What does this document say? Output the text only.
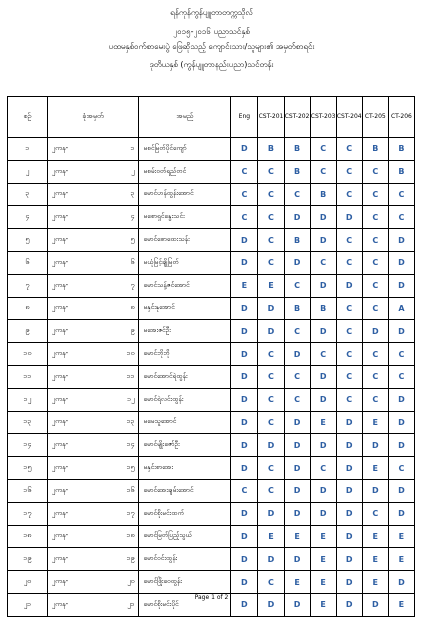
ရန်ကုန်ကွန်ပျူတာတက္ကသိုလ်
၂၀၁၅-၂၀၁၆ ပညာသင်နှစ်
ပထမနှစ်ဝက်စာမေးပွဲ ဖြေဆိုသည့် ကျောင်းသား/သူများ၏ အမှတ်စာရင်း
ဒုတိယနှစ် (ကွန်ပျူတာနည်းပညာ)သင်တန်း
စဉ်	ခုံအမှတ်	အမည်	Eng	CST-201	CST-202	CST-203	CST-204	CT-205	CT-206
၁	၂ကန- ၁	မစင်မြတ်ပိုင်ကျော်	D	B	B	C	C	B	B
၂	၂ကန- ၂	မစမ်းဝတ်ရည်တင်	C	C	B	C	C	C	B
၃	၂ကန- ၃	မောင်ဟန်ထွန်းအောင်	C	C	C	B	C	C	C
၄	၂ကန- ၄	မစောရှင်နွေးသင်း	C	C	D	D	D	C	C
၅	၂ကန- ၅	မောင်စောထေးသန်း	D	C	B	D	C	C	D
၆	၂ကန- ၆	မယုံမြင့်ချိုမြတ်	D	C	D	C	C	C	D
၇	၂ကန- ၇	မောင်သန့်ဇင်အောင်	E	E	C	D	D	C	D
၈	၂ကန- ၈	မနှင်းနုအောင်	D	D	B	B	C	C	A
၉	၂ကန- ၉	မအေးဇင်ဦး	D	D	C	D	C	D	D
၁၀	၂ကန- ၁၀	မောင်ဘိုဘို	D	C	D	C	C	C	C
၁၁	၂ကန- ၁၁	မောင်အောင်ရဲထွန်း	D	C	C	D	C	C	C
၁၂	၂ကန- ၁၂	မောင်ရဲလင်းထွန်း	D	C	C	D	C	C	D
၁၃	၂ကန- ၁၃	မမေသူအောင်	D	C	D	E	D	E	D
၁၄	၂ကန- ၁၄	မောင်မျိုးဇော်ဦး	D	D	D	D	D	D	D
၁၅	၂ကန- ၁၅	မနှင်းစာအေး	D	C	D	C	D	E	C
၁၆	၂ကန- ၁၆	မောင်အေးချမ်းအောင်	C	C	D	D	D	D	D
၁၇	၂ကန- ၁၇	မောင်စိုးမင်းထက်	D	D	D	D	D	C	D
၁၈	၂ကန- ၁၈	မောင်မြတ်ပြည့်သွယ်	D	E	E	E	D	E	E
၁၉	၂ကန- ၁၉	မောင်ဝင်းထွန်း	D	D	D	E	D	E	E
၂၀	၂ကန- ၂၀	မောင်ဖြိုးဝေထွန်း	D	C	E	E	D	E	D
၂၁	၂ကန- ၂၁	မောင်စိုးမင်းပိုင်	D	D	D	E	D	D	E
Page 1 of 2
